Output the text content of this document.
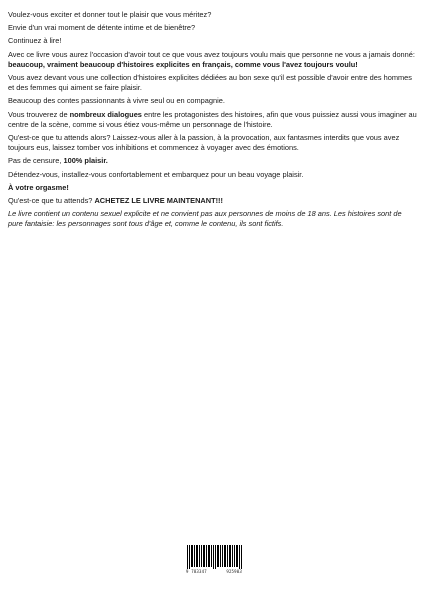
Voulez-vous exciter et donner tout le plaisir que vous méritez?

Envie d'un vrai moment de détente intime et de bienêtre?

Continuez à lire!

Avec ce livre vous aurez l'occasion d'avoir tout ce que vous avez toujours voulu mais que personne ne vous a jamais donné: beaucoup, vraiment beaucoup d'histoires explicites en français, comme vous l'avez toujours voulu!

Vous avez devant vous une collection d'histoires explicites dédiées au bon sexe qu'il est possible d'avoir entre des hommes et des femmes qui aiment se faire plaisir.

Beaucoup des contes passionnants à vivre seul ou en compagnie.

Vous trouverez de nombreux dialogues entre les protagonistes des histoires, afin que vous puissiez aussi vous imaginer au centre de la scène, comme si vous étiez vous-même un personnage de l'histoire.

Qu'est-ce que tu attends alors? Laissez-vous aller à la passion, à la provocation, aux fantasmes interdits que vous avez toujours eus, laissez tomber vos inhibitions et commencez à voyager avec des émotions.

Pas de censure, 100% plaisir.

Détendez-vous, installez-vous confortablement et embarquez pour un beau voyage plaisir.

À votre orgasme!

Qu'est-ce que tu attends? ACHETEZ LE LIVRE MAINTENANT!!!

Le livre contient un contenu sexuel explicite et ne convient pas aux personnes de moins de 18 ans. Les histoires sont de pure fantaisie: les personnages sont tous d'âge et, comme le contenu, ils sont fictifs.

9 783347	925903
